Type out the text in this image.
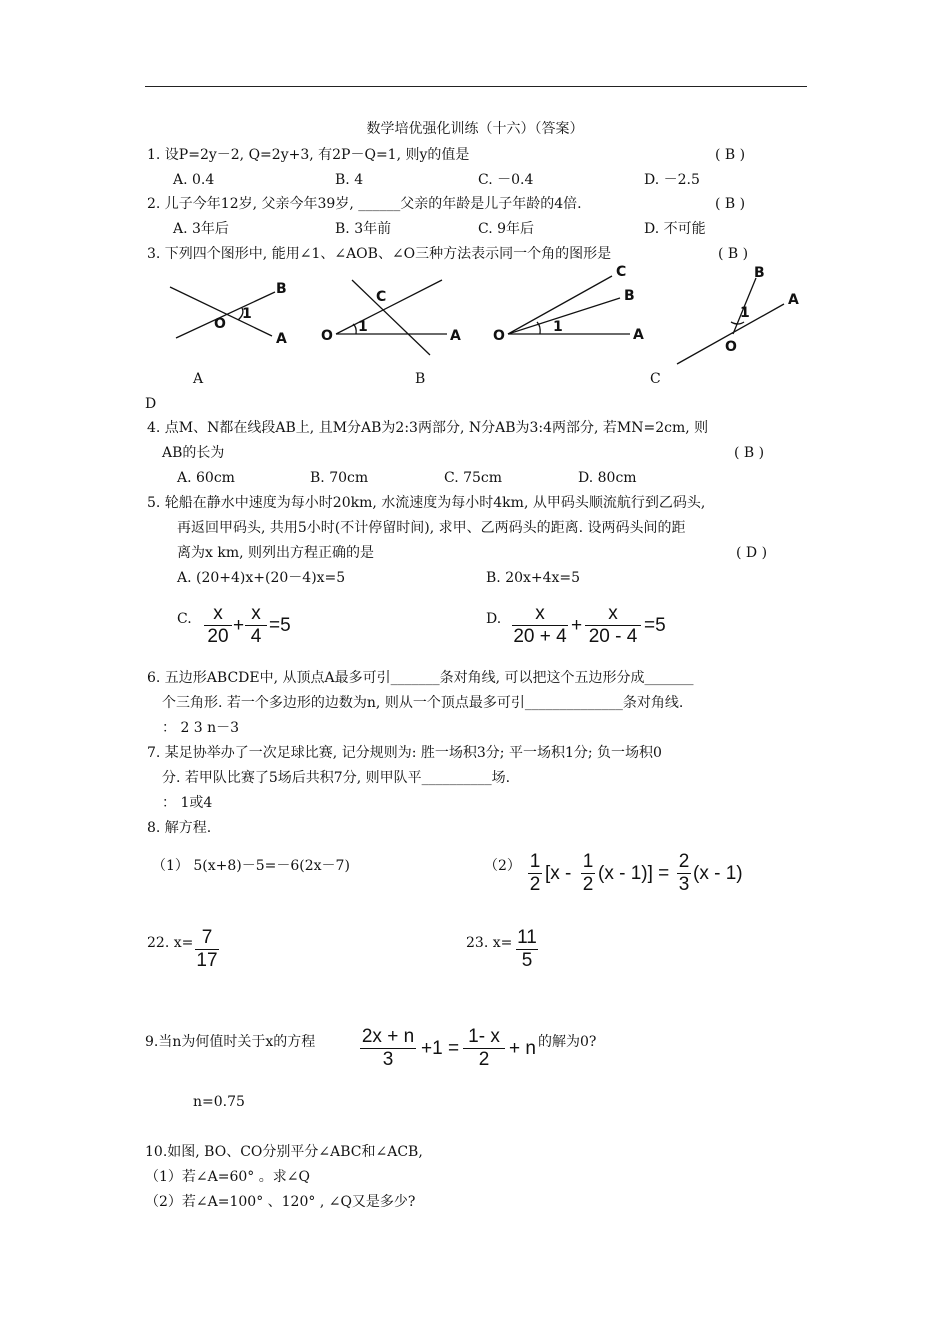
数学培优强化训练（十六）（答案）
1. 设P=2y－2, Q=2y+3, 有2P－Q=1, 则y的值是	( B )
A. 0.4	B. 4	C. －0.4	D. －2.5
2. 儿子今年12岁, 父亲今年39岁, ______父亲的年龄是儿子年龄的4倍.	( B )
A. 3年后	B. 3年前	C. 9年后	D. 不可能
3. 下列四个图形中, 能用∠1、∠AOB、∠O三种方法表示同一个角的图形是	( B )
B
O
1
A
C
O
1
A
C
B
O
1	A
B
1
A
O
A	B	C
D
4. 点M、N都在线段AB上, 且M分AB为2:3两部分, N分AB为3:4两部分, 若MN=2cm, 则
AB的长为	( B )
A. 60cm	B. 70cm	C. 75cm	D. 80cm
5. 轮船在静水中速度为每小时20km, 水流速度为每小时4km, 从甲码头顺流航行到乙码头,
再返回甲码头, 共用5小时(不计停留时间), 求甲、乙两码头的距离. 设两码头间的距
离为x km, 则列出方程正确的是	( D )
A. (20+4)x+(20－4)x=5	B. 20x+4x=5
C. $\frac{x}{20} + \frac{x}{4} =5$	D. $\frac{x}{20 + 4} + \frac{x}{20 - 4} =5$
6. 五边形ABCDE中, 从顶点A最多可引_______条对角线, 可以把这个五边形分成_______
个三角形. 若一个多边形的边数为n, 则从一个顶点最多可引______________条对角线.
： 2 3 n－3
7. 某足协举办了一次足球比赛, 记分规则为: 胜一场积3分; 平一场积1分; 负一场积0
分. 若甲队比赛了5场后共积7分, 则甲队平__________场.
： 1或4
8. 解方程.
（1） 5(x+8)－5=－6(2x－7)	$(2) \frac{1}{2} [x - \frac{1}{2} (x - 1)] = \frac{2}{3} (x - 1)$
22. $x= \frac{7}{17}$	23. $x= \frac{11}{5}$
9.当n为何值时关于x的方程 $\frac{2x + n}{3} +1 = \frac{1- x}{2} + n$ 的解为0?
n=0.75
10.如图, BO、CO分别平分∠ABC和∠ACB,
（1）若∠A=60° 。求∠Q
（2）若∠A=100° 、120° , ∠Q又是多少?
